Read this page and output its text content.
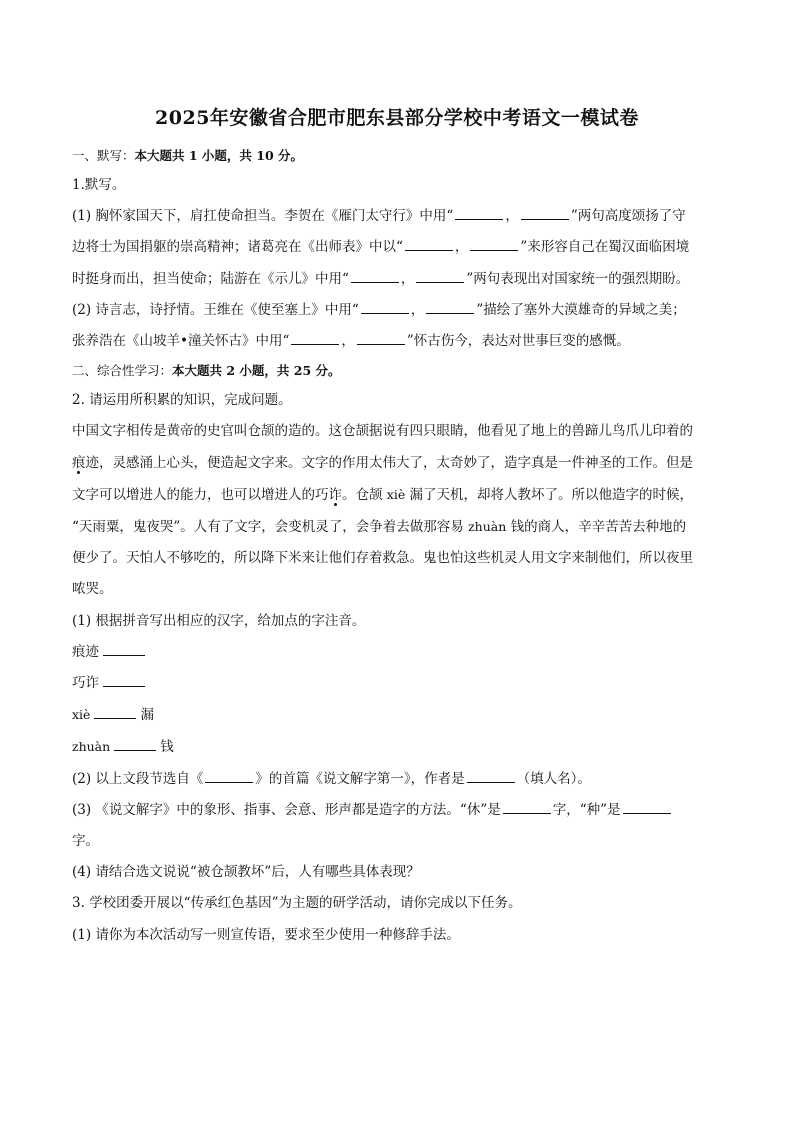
2025年安徽省合肥市肥东县部分学校中考语文一模试卷
一、默写：本大题共 1 小题，共 10 分。
1.默写。
(1) 胸怀家国天下，肩扛使命担当。李贺在《雁门太守行》中用“	，	”两句高度颂扬了守
边将士为国捐躯的崇高精神；诸葛亮在《出师表》中以“	，	”来形容自己在蜀汉面临困境
时挺身而出，担当使命；陆游在《示儿》中用“	，	”两句表现出对国家统一的强烈期盼。
(2) 诗言志，诗抒情。王维在《使至塞上》中用“	，	”描绘了塞外大漠雄奇的异域之美；
张养浩在《山坡羊•潼关怀古》中用“	，	”怀古伤今，表达对世事巨变的感慨。
二、综合性学习：本大题共 2 小题，共 25 分。
2. 请运用所积累的知识，完成问题。
中国文字相传是黄帝的史官叫仓颉的造的。这仓颉据说有四只眼睛，他看见了地上的兽蹄儿鸟爪儿印着的
痕迹，灵感涌上心头，便造起文字来。文字的作用太伟大了，太奇妙了，造字真是一件神圣的工作。但是
文字可以增进人的能力，也可以增进人的巧诈。仓颉 xiè 漏了天机，却将人教坏了。所以他造字的时候，
“天雨粟，鬼夜哭”。人有了文字，会变机灵了，会争着去做那容易 zhuàn 钱的商人，辛辛苦苦去种地的
便少了。天怕人不够吃的，所以降下米来让他们存着救急。鬼也怕这些机灵人用文字来制他们，所以夜里
哝哭。
(1) 根据拼音写出相应的汉字，给加点的字注音。
痕迹
巧诈
xiè	漏
zhuàn	钱
(2) 以上文段节选自《	》的首篇《说文解字第一》，作者是	（填人名）。
(3) 《说文解字》中的象形、指事、会意、形声都是造字的方法。“休”是	字，“种”是
字。
(4) 请结合选文说说“被仓颉教坏”后，人有哪些具体表现？
3. 学校团委开展以“传承红色基因”为主题的研学活动，请你完成以下任务。
(1) 请你为本次活动写一则宣传语，要求至少使用一种修辞手法。
